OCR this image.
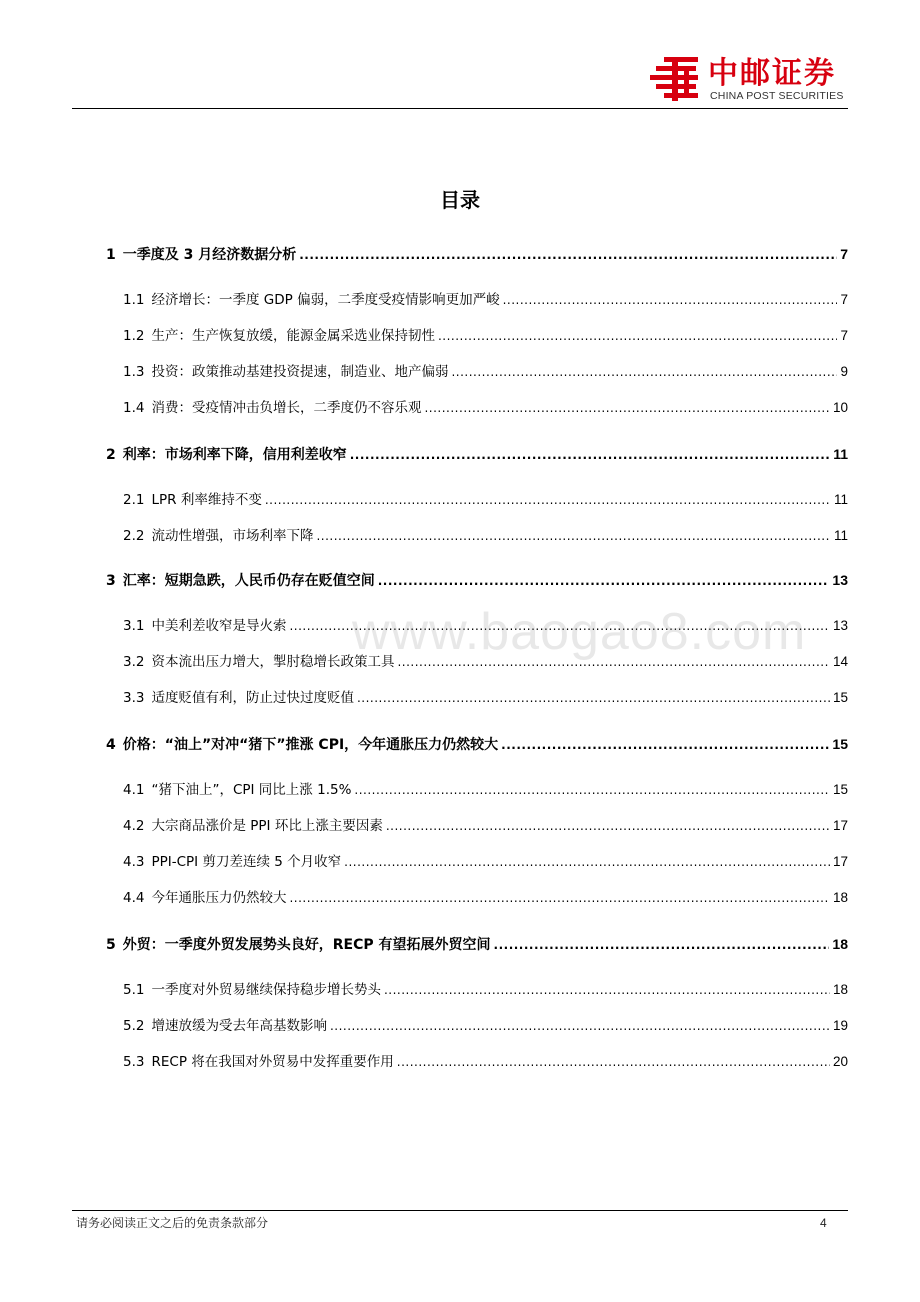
中邮证券
CHINA POST SECURITIES
目录
1 一季度及 3 月经济数据分析 .....	7
1.1 经济增长：一季度 GDP 偏弱，二季度受疫情影响更加严峻 .....	7
1.2 生产：生产恢复放缓，能源金属采选业保持韧性 .....	7
1.3 投资：政策推动基建投资提速，制造业、地产偏弱 .....	9
1.4 消费：受疫情冲击负增长，二季度仍不容乐观 .....	10
2 利率：市场利率下降，信用利差收窄 .....	11
2.1 LPR 利率维持不变 .....	11
2.2 流动性增强，市场利率下降 .....	11
3 汇率：短期急跌，人民币仍存在贬值空间 .....	13
3.1 中美利差收窄是导火索 .....	13
3.2 资本流出压力增大，掣肘稳增长政策工具 .....	14
3.3 适度贬值有利，防止过快过度贬值 .....	15
4 价格：“油上”对冲“猪下”推涨 CPI，今年通胀压力仍然较大 .....	15
4.1 “猪下油上”，CPI 同比上涨 1.5% .....	15
4.2 大宗商品涨价是 PPI 环比上涨主要因素 .....	17
4.3 PPI-CPI 剪刀差连续 5 个月收窄 .....	17
4.4 今年通胀压力仍然较大 .....	18
5 外贸：一季度外贸发展势头良好，RECP 有望拓展外贸空间 .....	18
5.1 一季度对外贸易继续保持稳步增长势头 .....	18
5.2 增速放缓为受去年高基数影响 .....	19
5.3 RECP 将在我国对外贸易中发挥重要作用 .....	20
www.baogao8.com
请务必阅读正文之后的免责条款部分	4
